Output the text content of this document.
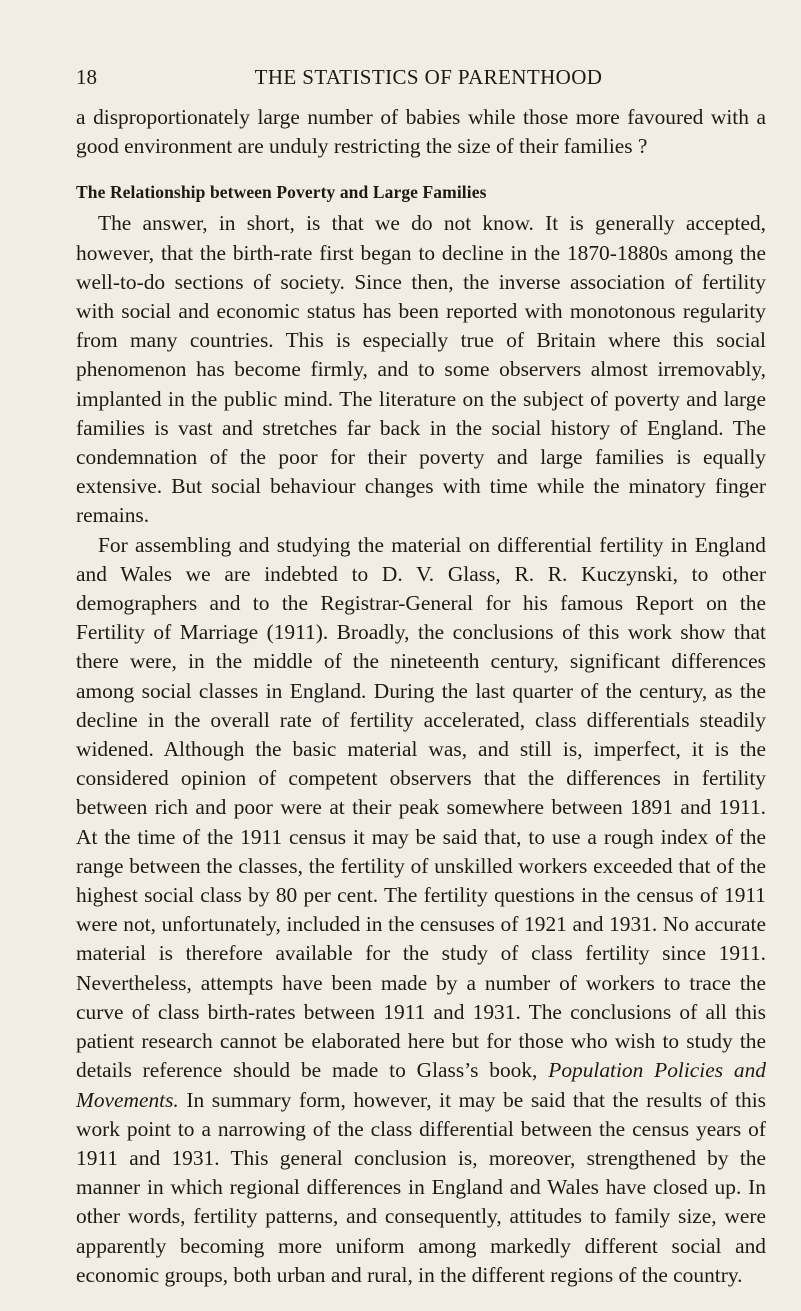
18	THE STATISTICS OF PARENTHOOD

a disproportionately large number of babies while those more favoured with a good environment are unduly restricting the size of their families ?

The Relationship between Poverty and Large Families

The answer, in short, is that we do not know. It is generally accepted, however, that the birth-rate first began to decline in the 1870-1880s among the well-to-do sections of society. Since then, the inverse association of fertility with social and economic status has been reported with monotonous regularity from many countries. This is especially true of Britain where this social phenomenon has become firmly, and to some observers almost irremovably, implanted in the public mind. The literature on the subject of poverty and large families is vast and stretches far back in the social history of England. The condemnation of the poor for their poverty and large families is equally extensive. But social behaviour changes with time while the minatory finger remains.

For assembling and studying the material on differential fertility in England and Wales we are indebted to D. V. Glass, R. R. Kuczynski, to other demographers and to the Registrar-General for his famous Report on the Fertility of Marriage (1911). Broadly, the conclusions of this work show that there were, in the middle of the nineteenth century, significant differences among social classes in England. During the last quarter of the century, as the decline in the overall rate of fertility accelerated, class differentials steadily widened. Although the basic material was, and still is, imperfect, it is the considered opinion of competent observers that the differences in fertility between rich and poor were at their peak somewhere between 1891 and 1911. At the time of the 1911 census it may be said that, to use a rough index of the range between the classes, the fertility of unskilled workers exceeded that of the highest social class by 80 per cent. The fertility questions in the census of 1911 were not, unfortunately, included in the censuses of 1921 and 1931. No accurate material is therefore available for the study of class fertility since 1911. Nevertheless, attempts have been made by a number of workers to trace the curve of class birth-rates between 1911 and 1931. The conclusions of all this patient research cannot be elaborated here but for those who wish to study the details reference should be made to Glass’s book, Population Policies and Movements. In summary form, however, it may be said that the results of this work point to a narrowing of the class differential between the census years of 1911 and 1931. This general conclusion is, moreover, strengthened by the manner in which regional differences in England and Wales have closed up. In other words, fertility patterns, and consequently, attitudes to family size, were apparently becoming more uniform among markedly different social and economic groups, both urban and rural, in the different regions of the country.
